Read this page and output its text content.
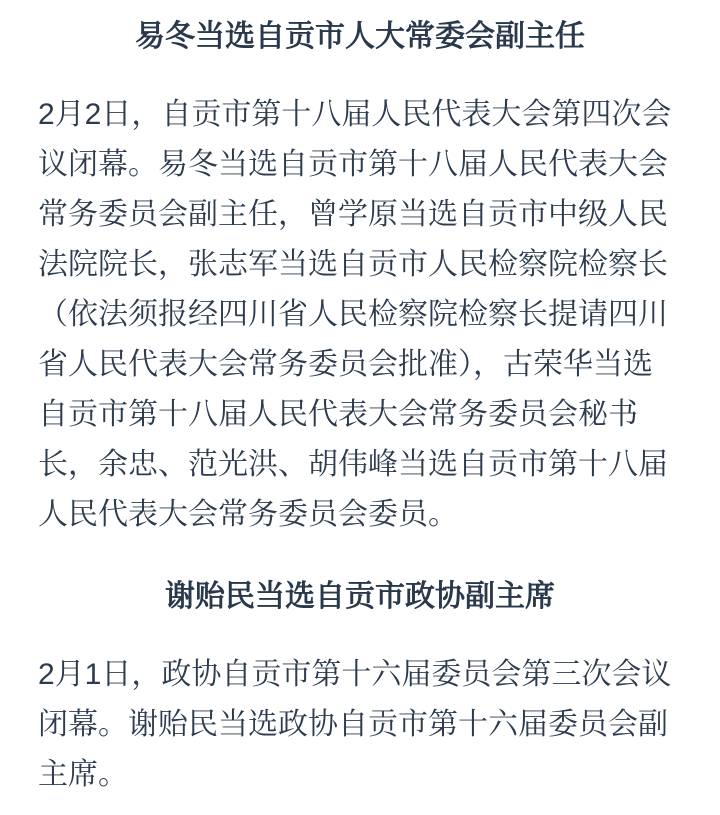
易冬当选自贡市人大常委会副主任

2月2日，自贡市第十八届人民代表大会第四次会议闭幕。易冬当选自贡市第十八届人民代表大会常务委员会副主任，曾学原当选自贡市中级人民法院院长，张志军当选自贡市人民检察院检察长（依法须报经四川省人民检察院检察长提请四川省人民代表大会常务委员会批准），古荣华当选自贡市第十八届人民代表大会常务委员会秘书长，余忠、范光洪、胡伟峰当选自贡市第十八届人民代表大会常务委员会委员。

谢贻民当选自贡市政协副主席

2月1日，政协自贡市第十六届委员会第三次会议闭幕。谢贻民当选政协自贡市第十六届委员会副主席。
